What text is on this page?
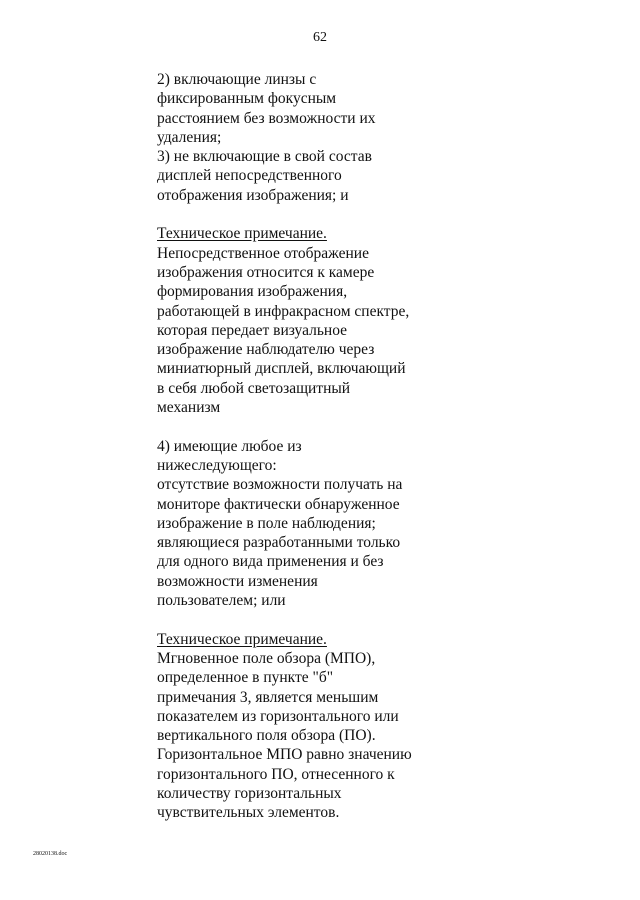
62
2) включающие линзы с
фиксированным фокусным
расстоянием без возможности их
удаления;
3) не включающие в свой состав
дисплей непосредственного
отображения изображения; и
Техническое примечание.
Непосредственное отображение
изображения относится к камере
формирования изображения,
работающей в инфракрасном спектре,
которая передает визуальное
изображение наблюдателю через
миниатюрный дисплей, включающий
в себя любой светозащитный
механизм
4) имеющие любое из
нижеследующего:
отсутствие возможности получать на
мониторе фактически обнаруженное
изображение в поле наблюдения;
являющиеся разработанными только
для одного вида применения и без
возможности изменения
пользователем; или
Техническое примечание.
Мгновенное поле обзора (МПО),
определенное в пункте "б"
примечания 3, является меньшим
показателем из горизонтального или
вертикального поля обзора (ПО).
Горизонтальное МПО равно значению
горизонтального ПО, отнесенного к
количеству горизонтальных
чувствительных элементов.
28020138.doc
